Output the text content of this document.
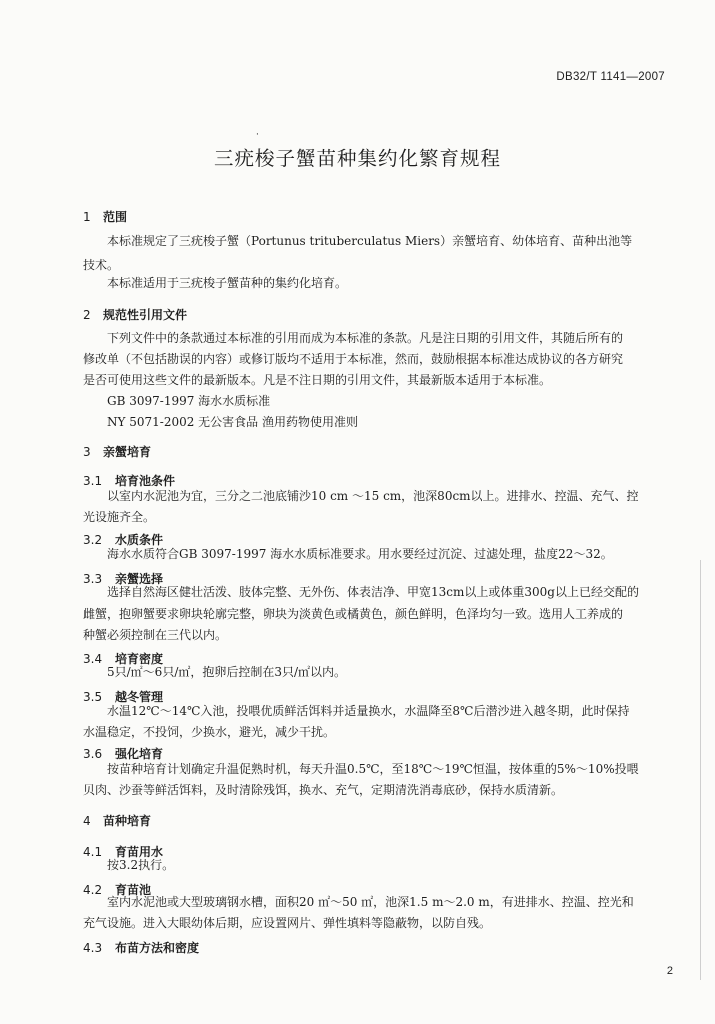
DB32/T 1141—2007
·
三疣梭子蟹苗种集约化繁育规程
1 范围
本标准规定了三疣梭子蟹（Portunus trituberculatus Miers）亲蟹培育、幼体培育、苗种出池等
技术。
本标准适用于三疣梭子蟹苗种的集约化培育。
2 规范性引用文件
下列文件中的条款通过本标准的引用而成为本标准的条款。凡是注日期的引用文件，其随后所有的
修改单（不包括勘误的内容）或修订版均不适用于本标准，然而，鼓励根据本标准达成协议的各方研究
是否可使用这些文件的最新版本。凡是不注日期的引用文件，其最新版本适用于本标准。
GB 3097-1997 海水水质标准
NY 5071-2002 无公害食品 渔用药物使用准则
3 亲蟹培育
3.1 培育池条件
以室内水泥池为宜，三分之二池底铺沙10 cm ～15 cm，池深80cm以上。进排水、控温、充气、控
光设施齐全。
3.2 水质条件
海水水质符合GB 3097-1997 海水水质标准要求。用水要经过沉淀、过滤处理，盐度22～32。
3.3 亲蟹选择
选择自然海区健壮活泼、肢体完整、无外伤、体表洁净、甲宽13cm以上或体重300g以上已经交配的
雌蟹，抱卵蟹要求卵块轮廓完整，卵块为淡黄色或橘黄色，颜色鲜明，色泽均匀一致。选用人工养成的
种蟹必须控制在三代以内。
3.4 培育密度
5只/㎡～6只/㎡，抱卵后控制在3只/㎡以内。
3.5 越冬管理
水温12℃～14℃入池，投喂优质鲜活饵料并适量换水，水温降至8℃后潜沙进入越冬期，此时保持
水温稳定，不投饲，少换水，避光，减少干扰。
3.6 强化培育
按苗种培育计划确定升温促熟时机，每天升温0.5℃，至18℃～19℃恒温，按体重的5%～10%投喂
贝肉、沙蚕等鲜活饵料，及时清除残饵，换水、充气，定期清洗消毒底砂，保持水质清新。
4 苗种培育
4.1 育苗用水
按3.2执行。
4.2 育苗池
室内水泥池或大型玻璃钢水槽，面积20 ㎡～50 ㎡，池深1.5 m～2.0 m，有进排水、控温、控光和
充气设施。进入大眼幼体后期，应设置网片、弹性填料等隐蔽物，以防自残。
4.3 布苗方法和密度
2
